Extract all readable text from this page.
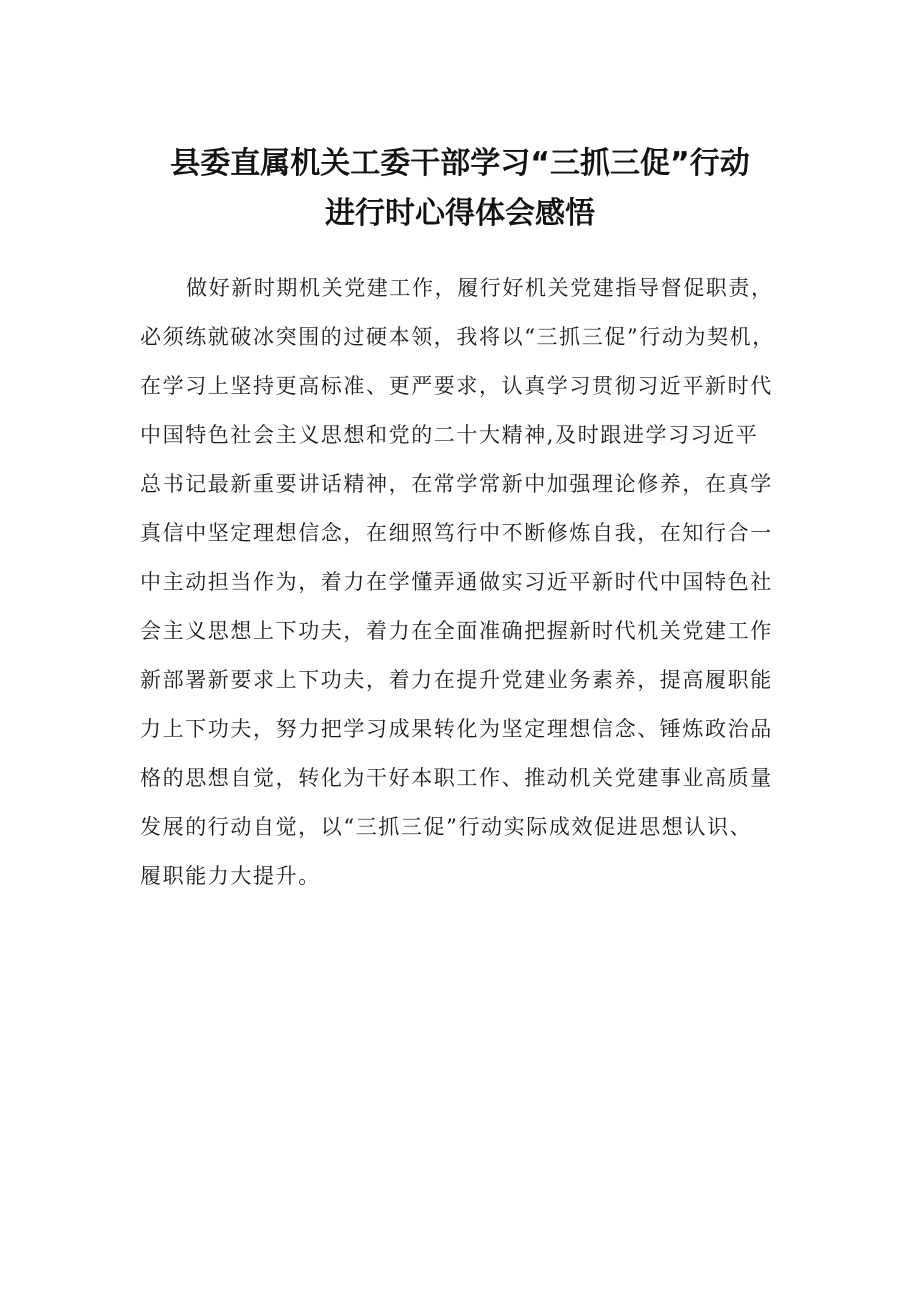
县委直属机关工委干部学习“三抓三促”行动
进行时心得体会感悟
做好新时期机关党建工作，履行好机关党建指导督促职责，
必须练就破冰突围的过硬本领，我将以“三抓三促”行动为契机，
在学习上坚持更高标准、更严要求，认真学习贯彻习近平新时代
中国特色社会主义思想和党的二十大精神,及时跟进学习习近平
总书记最新重要讲话精神，在常学常新中加强理论修养，在真学
真信中坚定理想信念，在细照笃行中不断修炼自我，在知行合一
中主动担当作为，着力在学懂弄通做实习近平新时代中国特色社
会主义思想上下功夫，着力在全面准确把握新时代机关党建工作
新部署新要求上下功夫，着力在提升党建业务素养，提高履职能
力上下功夫，努力把学习成果转化为坚定理想信念、锤炼政治品
格的思想自觉，转化为干好本职工作、推动机关党建事业高质量
发展的行动自觉，以“三抓三促”行动实际成效促进思想认识、
履职能力大提升。
